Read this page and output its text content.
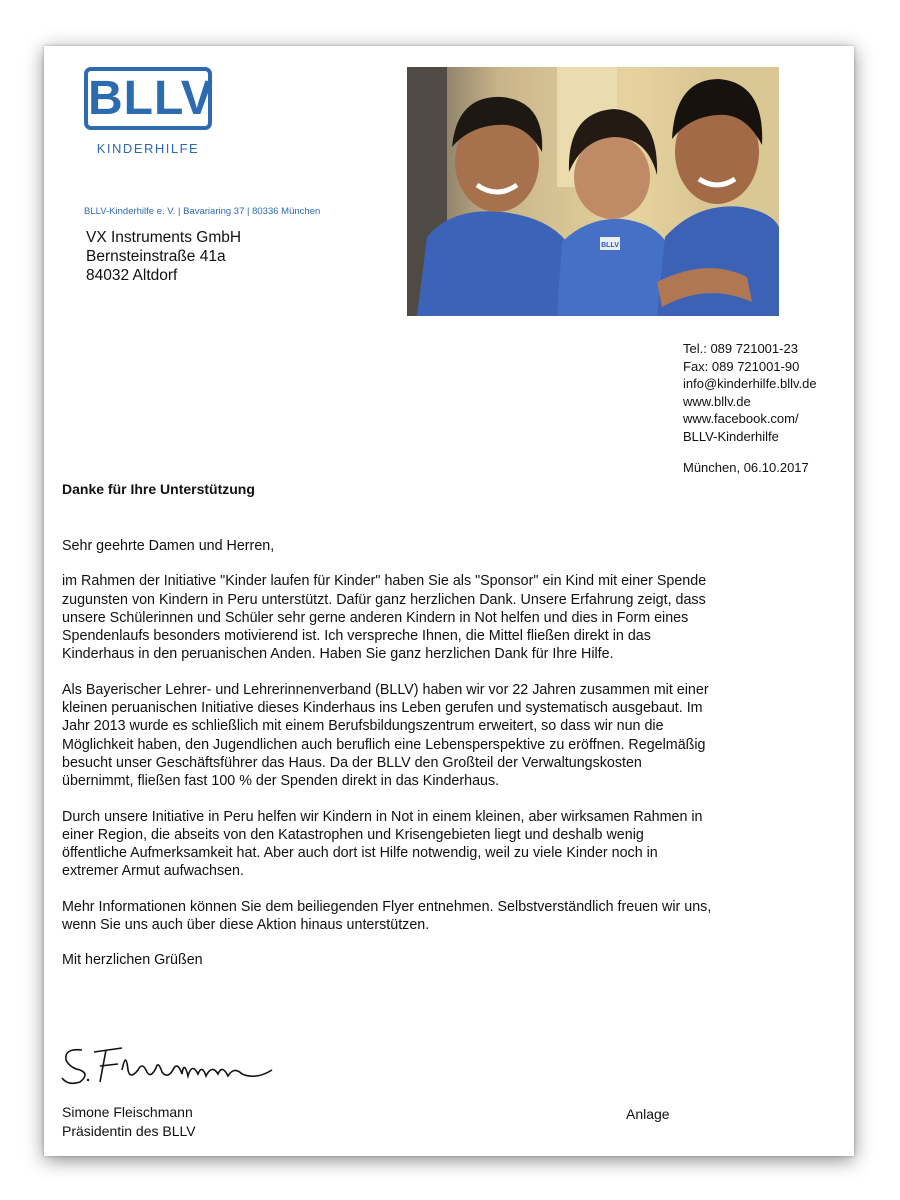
BLLV
KINDERHILFE
BLLV-Kinderhilfe e. V. | Bavariaring 37 | 80336 München
VX Instruments GmbH
Bernsteinstraße 41a
84032 Altdorf
BLLV
Tel.: 089 721001-23
Fax: 089 721001-90
info@kinderhilfe.bllv.de
www.bllv.de
www.facebook.com/
BLLV-Kinderhilfe
München, 06.10.2017
Danke für Ihre Unterstützung

Sehr geehrte Damen und Herren,

im Rahmen der Initiative "Kinder laufen für Kinder" haben Sie als "Sponsor" ein Kind mit einer Spende zugunsten von Kindern in Peru unterstützt. Dafür ganz herzlichen Dank. Unsere Erfahrung zeigt, dass unsere Schülerinnen und Schüler sehr gerne anderen Kindern in Not helfen und dies in Form eines Spendenlaufs besonders motivierend ist. Ich verspreche Ihnen, die Mittel fließen direkt in das Kinderhaus in den peruanischen Anden. Haben Sie ganz herzlichen Dank für Ihre Hilfe.

Als Bayerischer Lehrer- und Lehrerinnenverband (BLLV) haben wir vor 22 Jahren zusammen mit einer kleinen peruanischen Initiative dieses Kinderhaus ins Leben gerufen und systematisch ausgebaut. Im Jahr 2013 wurde es schließlich mit einem Berufsbildungszentrum erweitert, so dass wir nun die Möglichkeit haben, den Jugendlichen auch beruflich eine Lebensperspektive zu eröffnen. Regelmäßig besucht unser Geschäftsführer das Haus. Da der BLLV den Großteil der Verwaltungskosten übernimmt, fließen fast 100 % der Spenden direkt in das Kinderhaus.

Durch unsere Initiative in Peru helfen wir Kindern in Not in einem kleinen, aber wirksamen Rahmen in einer Region, die abseits von den Katastrophen und Krisengebieten liegt und deshalb wenig öffentliche Aufmerksamkeit hat. Aber auch dort ist Hilfe notwendig, weil zu viele Kinder noch in extremer Armut aufwachsen.

Mehr Informationen können Sie dem beiliegenden Flyer entnehmen. Selbstverständlich freuen wir uns, wenn Sie uns auch über diese Aktion hinaus unterstützen.

Mit herzlichen Grüßen

S. Fleischmann
Simone Fleischmann
Präsidentin des BLLV
Anlage
